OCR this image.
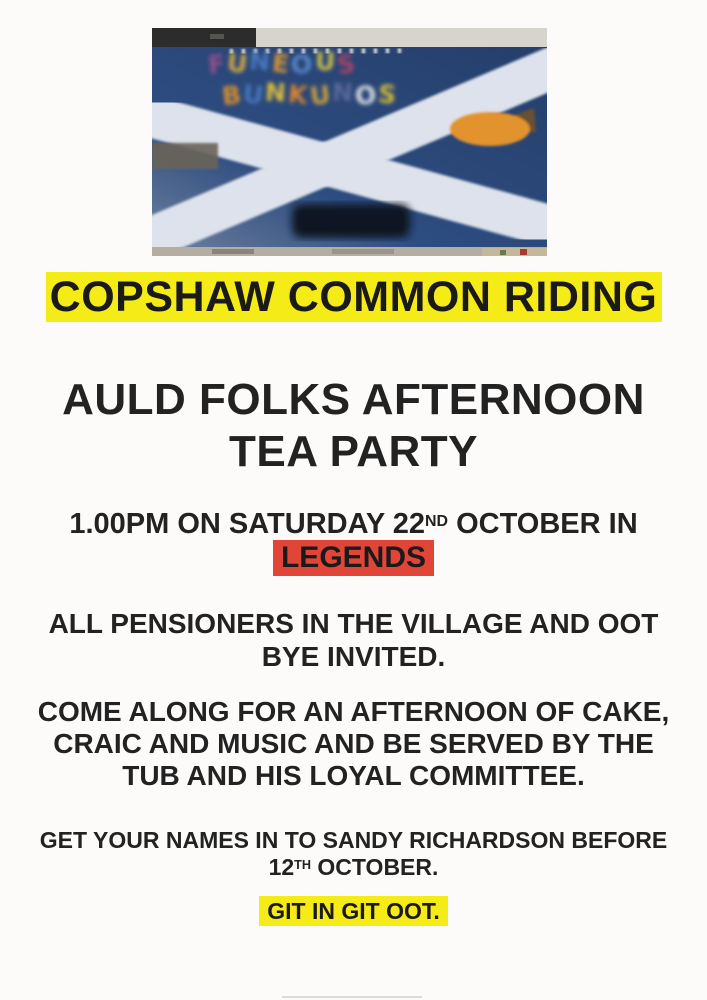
FUNEOUS
BUNKUNOS
COPSHAW COMMON RIDING
AULD FOLKS AFTERNOON
TEA PARTY
1.00PM ON SATURDAY 22ND OCTOBER IN
LEGENDS
ALL PENSIONERS IN THE VILLAGE AND OOT
BYE INVITED.
COME ALONG FOR AN AFTERNOON OF CAKE,
CRAIC AND MUSIC AND BE SERVED BY THE
TUB AND HIS LOYAL COMMITTEE.
GET YOUR NAMES IN TO SANDY RICHARDSON BEFORE
12TH OCTOBER.
GIT IN GIT OOT.
